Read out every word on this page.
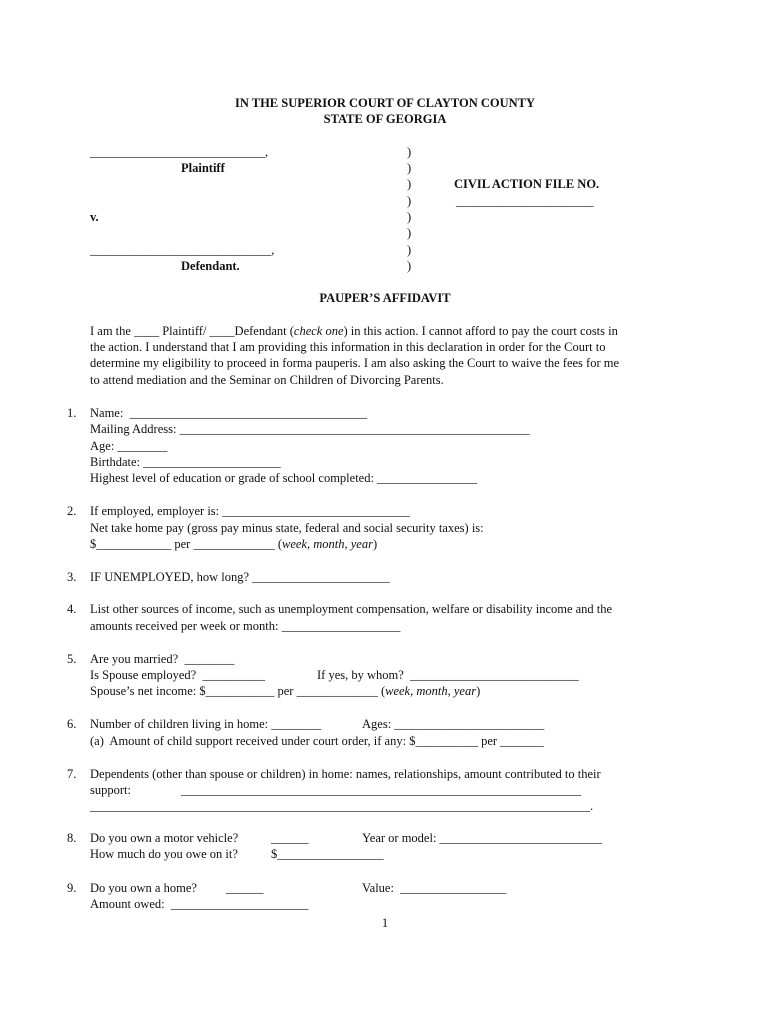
IN THE SUPERIOR COURT OF CLAYTON COUNTY
STATE OF GEORGIA
____________________________,
Plaintiff
v.
_____________________________,
Defendant.
)
)
)
)
)
)
)
)
CIVIL ACTION FILE NO.
______________________
PAUPER’S AFFIDAVIT
I am the ____ Plaintiff/ ____Defendant (check one) in this action. I cannot afford to pay the court costs in
the action. I understand that I am providing this information in this declaration in order for the Court to
determine my eligibility to proceed in forma pauperis. I am also asking the Court to waive the fees for me
to attend mediation and the Seminar on Children of Divorcing Parents.
1. Name:  ______________________________________
Mailing Address: ________________________________________________________
Age: ________
Birthdate: ______________________
Highest level of education or grade of school completed: ________________
2. If employed, employer is: ______________________________
Net take home pay (gross pay minus state, federal and social security taxes) is:
$____________ per _____________ (week, month, year)
3. IF UNEMPLOYED, how long? ______________________
4. List other sources of income, such as unemployment compensation, welfare or disability income and the
amounts received per week or month: ___________________
5. Are you married?  ________
Is Spouse employed?  __________	If yes, by whom?  ___________________________
Spouse’s net income: $___________ per _____________ (week, month, year)
6. Number of children living in home: ________	Ages: ________________________
(a)  Amount of child support received under court order, if any: $__________ per _______
7. Dependents (other than spouse or children) in home: names, relationships, amount contributed to their
support:	________________________________________________________________
________________________________________________________________________________.
8. Do you own a motor vehicle?	______	Year or model: __________________________
How much do you owe on it?	$_________________
9. Do you own a home? ______	Value:  _________________
Amount owed:  ______________________
1
